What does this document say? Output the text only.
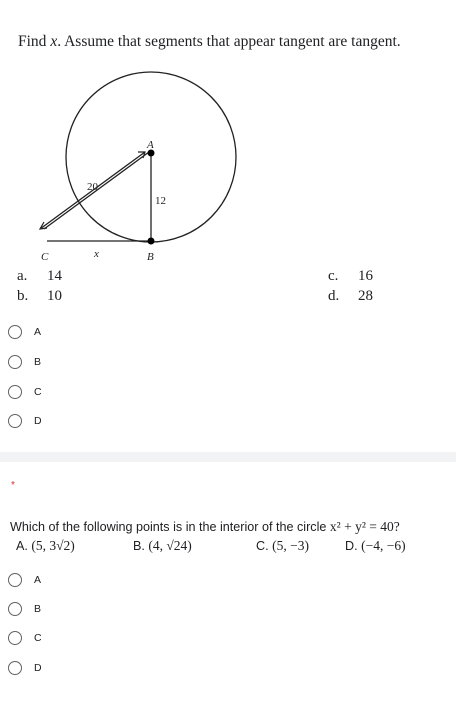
Find x. Assume that segments that appear tangent are tangent.
A
B
C	x
20
12
a. 14
b. 10
c. 16
d. 28
A
B
C
D
*
Which of the following points is in the interior of the circle x² + y² = 40?
A. (5, 3√2)	B. (4, √24)	C. (5, −3)	D. (−4, −6)
A
B
C
D
